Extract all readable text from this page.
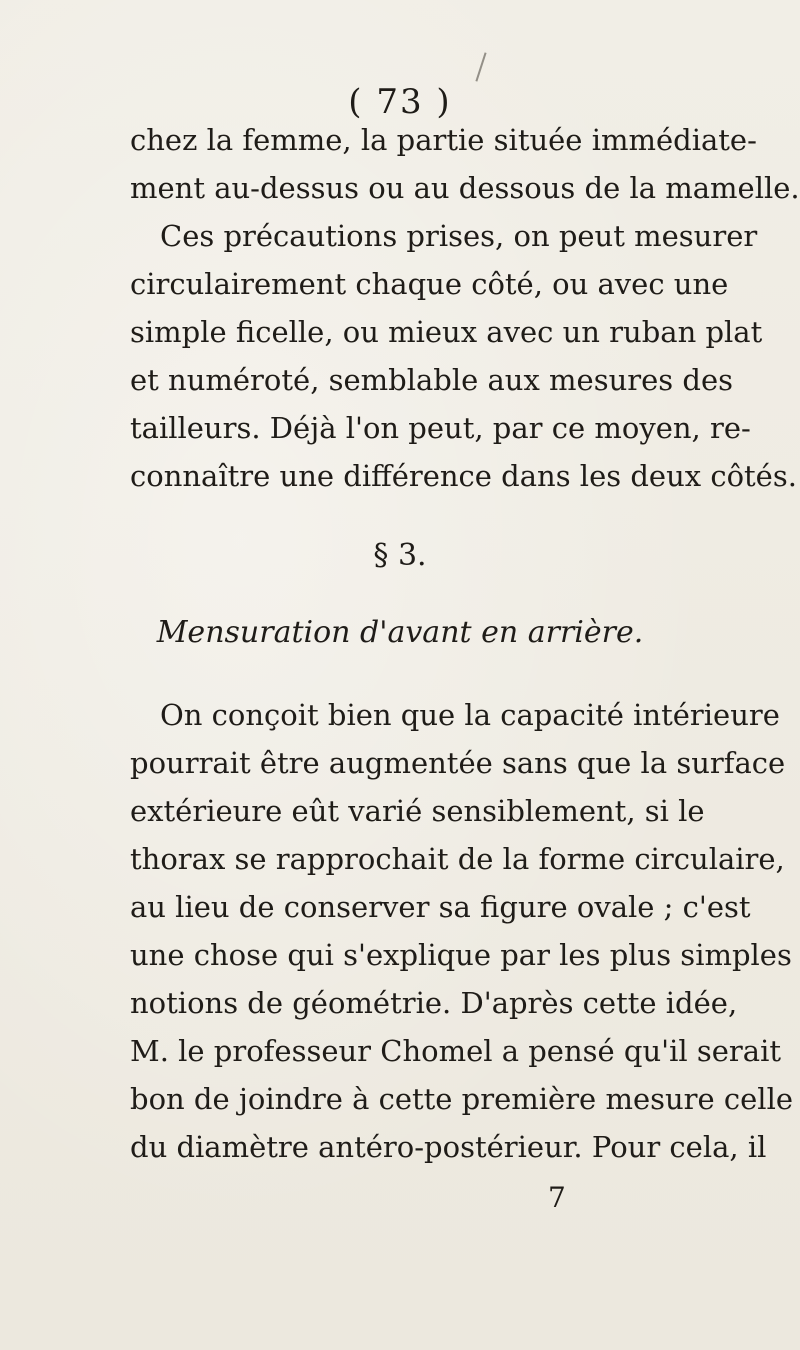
( 73 )
chez la femme, la partie située immédiate-
ment au-dessus ou au dessous de la mamelle.
Ces précautions prises, on peut mesurer
circulairement chaque côté, ou avec une
simple ficelle, ou mieux avec un ruban plat
et numéroté, semblable aux mesures des
tailleurs. Déjà l'on peut, par ce moyen, re-
connaître une différence dans les deux côtés.
§ 3.
Mensuration d'avant en arrière.
On conçoit bien que la capacité intérieure
pourrait être augmentée sans que la surface
extérieure eût varié sensiblement, si le
thorax se rapprochait de la forme circulaire,
au lieu de conserver sa figure ovale ; c'est
une chose qui s'explique par les plus simples
notions de géométrie. D'après cette idée,
M. le professeur Chomel a pensé qu'il serait
bon de joindre à cette première mesure celle
du diamètre antéro-postérieur. Pour cela, il
7
